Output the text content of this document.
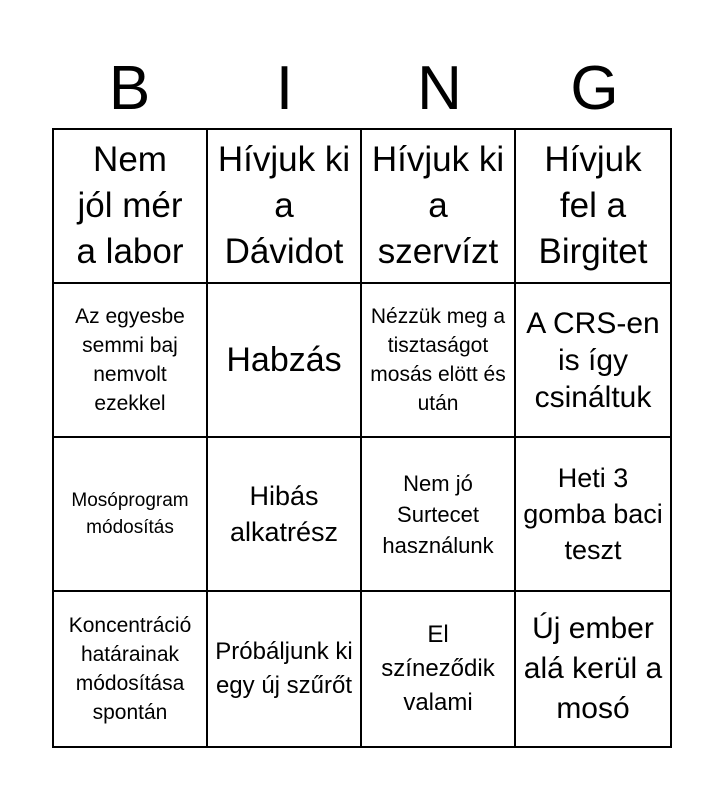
B	I	N	G
Nem jól mér a labor
Hívjuk ki a Dávidot
Hívjuk ki a szervízt
Hívjuk fel a Birgitet
Az egyesbe semmi baj nemvolt ezekkel
Habzás
Nézzük meg a tisztaságot mosás elött és után
A CRS-en is így csináltuk
Mosóprogram módosítás
Hibás alkatrész
Nem jó Surtecet használunk
Heti 3 gomba baci teszt
Koncentráció határainak módosítása spontán
Próbáljunk ki egy új szűrőt
El színeződik valami
Új ember alá kerül a mosó
